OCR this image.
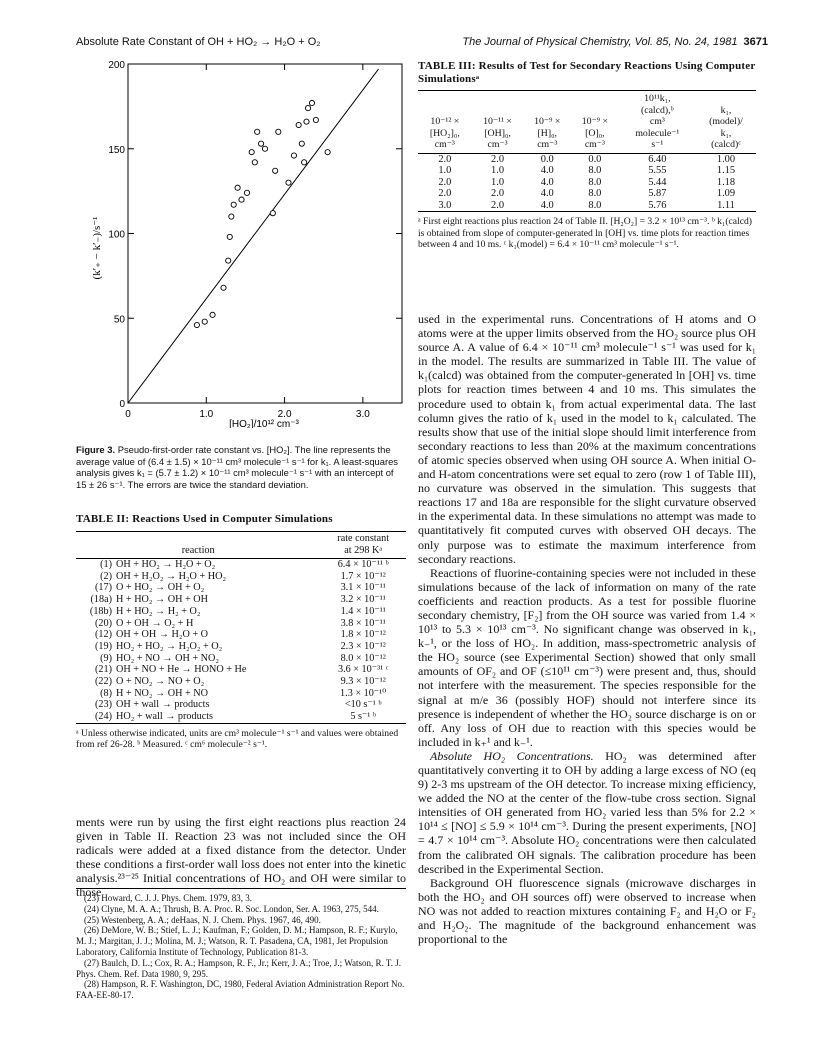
Absolute Rate Constant of OH + HO₂ → H₂O + O₂	The Journal of Physical Chemistry, Vol. 85, No. 24, 1981 3671
0
50
100
150
200
0	1.0	2.0	3.0
(k′₊ − k′₋)/s⁻¹
[HO₂]/10¹² cm⁻³
Figure 3. Pseudo-first-order rate constant vs. [HO₂]. The line represents the average value of (6.4 ± 1.5) × 10⁻¹¹ cm³ molecule⁻¹ s⁻¹ for k₁. A least-squares analysis gives k₁ = (5.7 ± 1.2) × 10⁻¹¹ cm³ molecule⁻¹ s⁻¹ with an intercept of 15 ± 26 s⁻¹. The errors are twice the standard deviation.
TABLE II: Reactions Used in Computer Simulations
reaction		rate constant
at 298 Kᵃ
(1)	OH + HO₂ → H₂O + O₂	6.4 × 10⁻¹¹ ᵇ
(2)	OH + H₂O₂ → H₂O + HO₂	1.7 × 10⁻¹²
(17)	O + HO₂ → OH + O₂	3.1 × 10⁻¹¹
(18a)	H + HO₂ → OH + OH	3.2 × 10⁻¹¹
(18b)	H + HO₂ → H₂ + O₂	1.4 × 10⁻¹¹
(20)	O + OH → O₂ + H	3.8 × 10⁻¹¹
(12)	OH + OH → H₂O + O	1.8 × 10⁻¹²
(19)	HO₂ + HO₂ → H₂O₂ + O₂	2.3 × 10⁻¹²
(9)	HO₂ + NO → OH + NO₂	8.0 × 10⁻¹²
(21)	OH + NO + He → HONO + He	3.6 × 10⁻³¹ ᶜ
(22)	O + NO₂ → NO + O₂	9.3 × 10⁻¹²
(8)	H + NO₂ → OH + NO	1.3 × 10⁻¹⁰
(23)	OH + wall → products	<10 s⁻¹ ᵇ
(24)	HO₂ + wall → products	5 s⁻¹ ᵇ
ᵃ Unless otherwise indicated, units are cm³ molecule⁻¹ s⁻¹ and values were obtained from ref 26-28. ᵇ Measured. ᶜ cm⁶ molecule⁻² s⁻¹.
ments were run by using the first eight reactions plus reaction 24 given in Table II. Reaction 23 was not included since the OH radicals were added at a fixed distance from the detector. Under these conditions a first-order wall loss does not enter into the kinetic analysis.²³⁻²⁵ Initial concentrations of HO₂ and OH were similar to those
(23) Howard, C. J. J. Phys. Chem. 1979, 83, 3.
(24) Clyne, M. A. A.; Thrush, B. A. Proc. R. Soc. London, Ser. A. 1963, 275, 544.
(25) Westenberg, A. A.; deHaas, N. J. Chem. Phys. 1967, 46, 490.
(26) DeMore, W. B.; Stief, L. J.; Kaufman, F.; Golden, D. M.; Hampson, R. F.; Kurylo, M. J.; Margitan, J. J.; Molina, M. J.; Watson, R. T. Pasadena, CA, 1981, Jet Propulsion Laboratory, California Institute of Technology, Publication 81-3.
(27) Baulch, D. L.; Cox, R. A.; Hampson, R. F., Jr.; Kerr, J. A.; Troe, J.; Watson, R. T. J. Phys. Chem. Ref. Data 1980, 9, 295.
(28) Hampson, R. F. Washington, DC, 1980, Federal Aviation Administration Report No. FAA-EE-80-17.
TABLE III: Results of Test for Secondary Reactions Using Computer Simulationsᵃ
10⁻¹² ×
[HO₂]₀,
cm⁻³	10⁻¹¹ ×
[OH]₀,
cm⁻³	10⁻⁹ ×
[H]₀,
cm⁻³	10⁻⁹ ×
[O]₀,
cm⁻³	10¹¹k₁,
(calcd),ᵇ
cm³
molecule⁻¹
s⁻¹	k₁,
(model)/
k₁,
(calcd)ᶜ
2.0	2.0	0.0	0.0	6.40	1.00
1.0	1.0	4.0	8.0	5.55	1.15
2.0	1.0	4.0	8.0	5.44	1.18
2.0	2.0	4.0	8.0	5.87	1.09
3.0	2.0	4.0	8.0	5.76	1.11
ᵃ First eight reactions plus reaction 24 of Table II. [H₂O₂] = 3.2 × 10¹³ cm⁻³. ᵇ k₁(calcd) is obtained from slope of computer-generated ln [OH] vs. time plots for reaction times between 4 and 10 ms. ᶜ k₁(model) = 6.4 × 10⁻¹¹ cm³ molecule⁻¹ s⁻¹.

used in the experimental runs. Concentrations of H atoms and O atoms were at the upper limits observed from the HO₂ source plus OH source A. A value of 6.4 × 10⁻¹¹ cm³ molecule⁻¹ s⁻¹ was used for k₁ in the model. The results are summarized in Table III. The value of k₁(calcd) was obtained from the computer-generated ln [OH] vs. time plots for reaction times between 4 and 10 ms. This simulates the procedure used to obtain k₁ from actual experimental data. The last column gives the ratio of k₁ used in the model to k₁ calculated. The results show that use of the initial slope should limit interference from secondary reactions to less than 20% at the maximum concentrations of atomic species observed when using OH source A. When initial O- and H-atom concentrations were set equal to zero (row 1 of Table III), no curvature was observed in the simulation. This suggests that reactions 17 and 18a are responsible for the slight curvature observed in the experimental data. In these simulations no attempt was made to quantitatively fit computed curves with observed OH decays. The only purpose was to estimate the maximum interference from secondary reactions.

Reactions of fluorine-containing species were not included in these simulations because of the lack of information on many of the rate coefficients and reaction products. As a test for possible fluorine secondary chemistry, [F₂] from the OH source was varied from 1.4 × 10¹³ to 5.3 × 10¹³ cm⁻³. No significant change was observed in k₁, k₋¹, or the loss of HO₂. In addition, mass-spectrometric analysis of the HO₂ source (see Experimental Section) showed that only small amounts of OF₂ and OF (≤10¹¹ cm⁻³) were present and, thus, should not interfere with the measurement. The species responsible for the signal at m/e 36 (possibly HOF) should not interfere since its presence is independent of whether the HO₂ source discharge is on or off. Any loss of OH due to reaction with this species would be included in k₊¹ and k₋¹.

Absolute HO₂ Concentrations. HO₂ was determined after quantitatively converting it to OH by adding a large excess of NO (eq 9) 2-3 ms upstream of the OH detector. To increase mixing efficiency, we added the NO at the center of the flow-tube cross section. Signal intensities of OH generated from HO₂ varied less than 5% for 2.2 × 10¹⁴ ≤ [NO] ≤ 5.9 × 10¹⁴ cm⁻³. During the present experiments, [NO] = 4.7 × 10¹⁴ cm⁻³. Absolute HO₂ concentrations were then calculated from the calibrated OH signals. The calibration procedure has been described in the Experimental Section.

Background OH fluorescence signals (microwave discharges in both the HO₂ and OH sources off) were observed to increase when NO was not added to reaction mixtures containing F₂ and H₂O or F₂ and H₂O₂. The magnitude of the background enhancement was proportional to the
